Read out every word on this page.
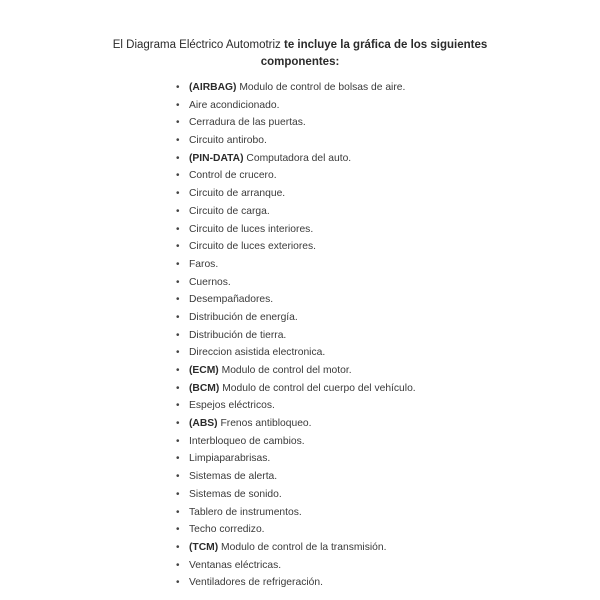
El Diagrama Eléctrico Automotriz te incluye la gráfica de los siguientes componentes:
• (AIRBAG) Modulo de control de bolsas de aire.
• Aire acondicionado.
• Cerradura de las puertas.
• Circuito antirobo.
• (PIN-DATA) Computadora del auto.
• Control de crucero.
• Circuito de arranque.
• Circuito de carga.
• Circuito de luces interiores.
• Circuito de luces exteriores.
• Faros.
• Cuernos.
• Desempañadores.
• Distribución de energía.
• Distribución de tierra.
• Direccion asistida electronica.
• (ECM) Modulo de control del motor.
• (BCM) Modulo de control del cuerpo del vehículo.
• Espejos eléctricos.
• (ABS) Frenos antibloqueo.
• Interbloqueo de cambios.
• Limpiaparabrisas.
• Sistemas de alerta.
• Sistemas de sonido.
• Tablero de instrumentos.
• Techo corredizo.
• (TCM) Modulo de control de la transmisión.
• Ventanas eléctricas.
• Ventiladores de refrigeración.
